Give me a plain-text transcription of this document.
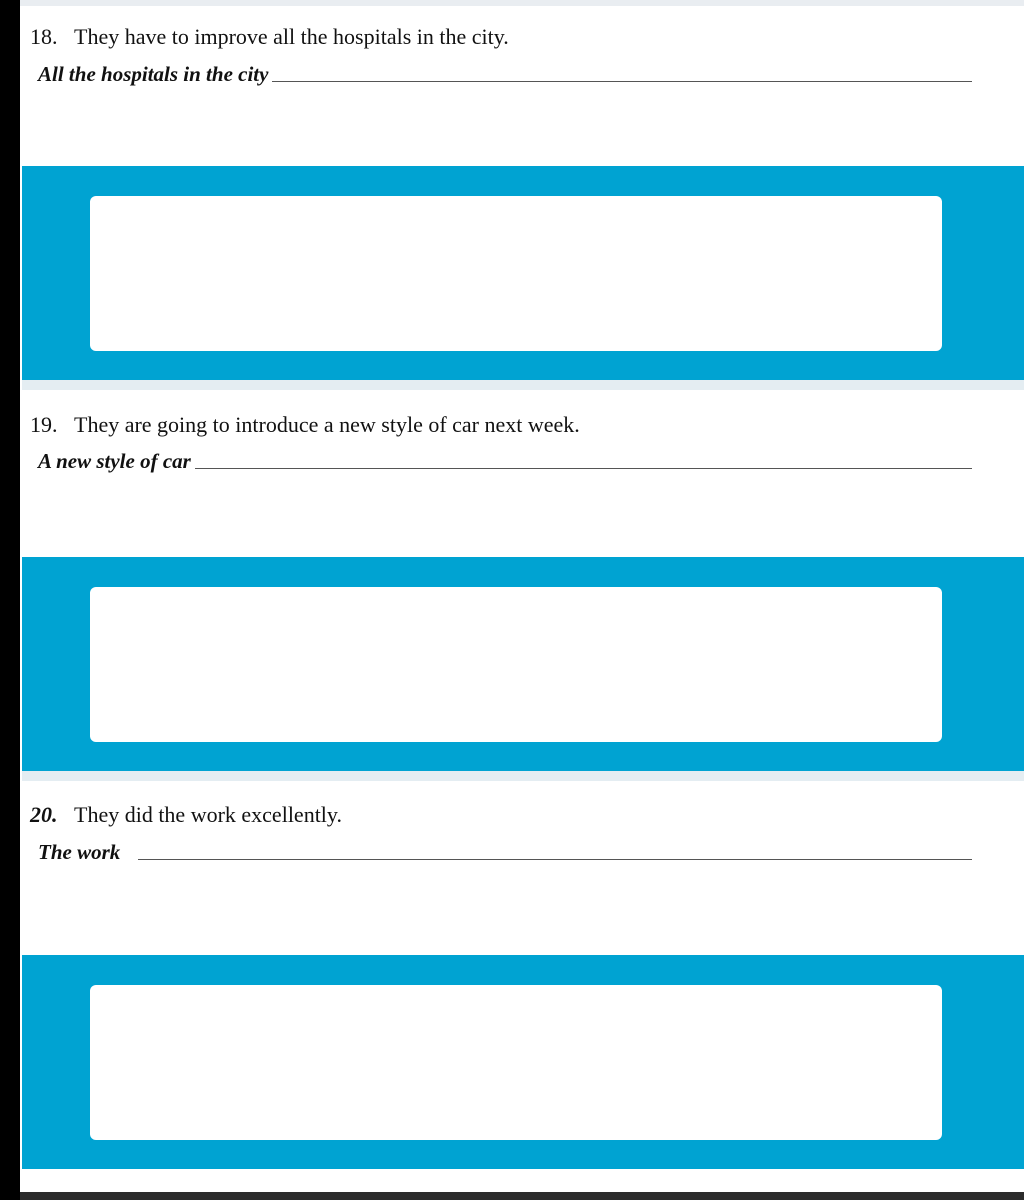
18. They have to improve all the hospitals in the city.
All the hospitals in the city
19. They are going to introduce a new style of car next week.
A new style of car
20. They did the work excellently.
The work
